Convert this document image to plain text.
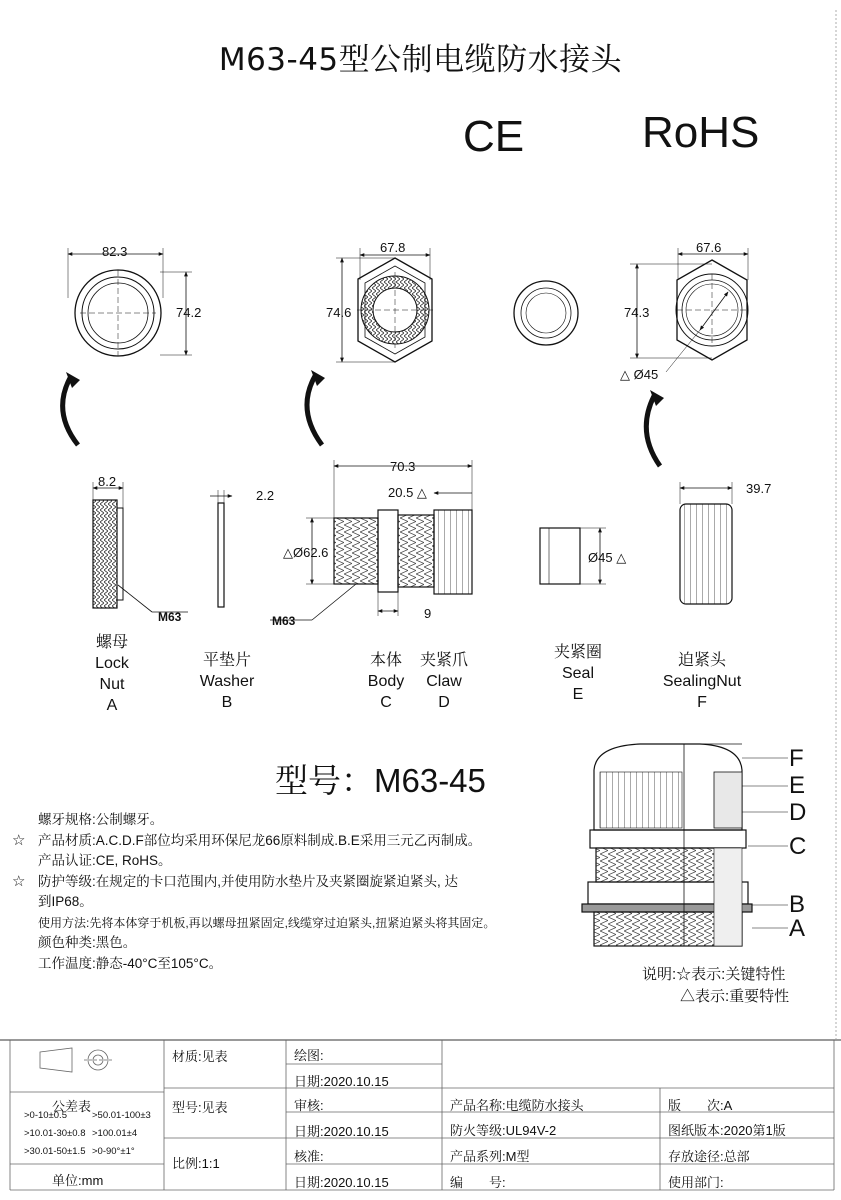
M63-45型公制电缆防水接头
CE	RoHS
82.3
74.2
67.8
74.6
67.6
74.3
△ Ø45
8.2
2.2
70.3
20.5 △
△Ø62.6
9
Ø45 △
39.7
M63	M63
螺母
Lock
Nut
A
平垫片
Washer
B
本体
Body
C
夹紧爪
Claw
D
夹紧圈
Seal
E
迫紧头
SealingNut
F
型号：M63-45
螺牙规格:公制螺牙。
☆ 产品材质:A.C.D.F部位均采用环保尼龙66原料制成.B.E采用三元乙丙制成。
产品认证:CE, RoHS。
☆ 防护等级:在规定的卡口范围内,并使用防水垫片及夹紧圈旋紧迫紧头, 达
到IP68。
使用方法:先将本体穿于机板,再以螺母扭紧固定,线缆穿过迫紧头,扭紧迫紧头将其固定。
颜色种类:黑色。
工作温度:静态-40°C至105°C。
F
E
D
C
B
A
说明:☆表示:关键特性
△表示:重要特性
公差表
>0-10±0.5	>50.01-100±3
>10.01-30±0.8 >100.01±4
>30.01-50±1.5 >0-90°±1°
单位:mm
材质:见表
型号:见表
比例:1:1
绘图:
日期:2020.10.15
审核:
日期:2020.10.15
核准:
日期:2020.10.15
产品名称:电缆防水接头
防火等级:UL94V-2
产品系列:M型
编　　号:
版　　次:A
图纸版本:2020第1版
存放途径:总部
使用部门:
